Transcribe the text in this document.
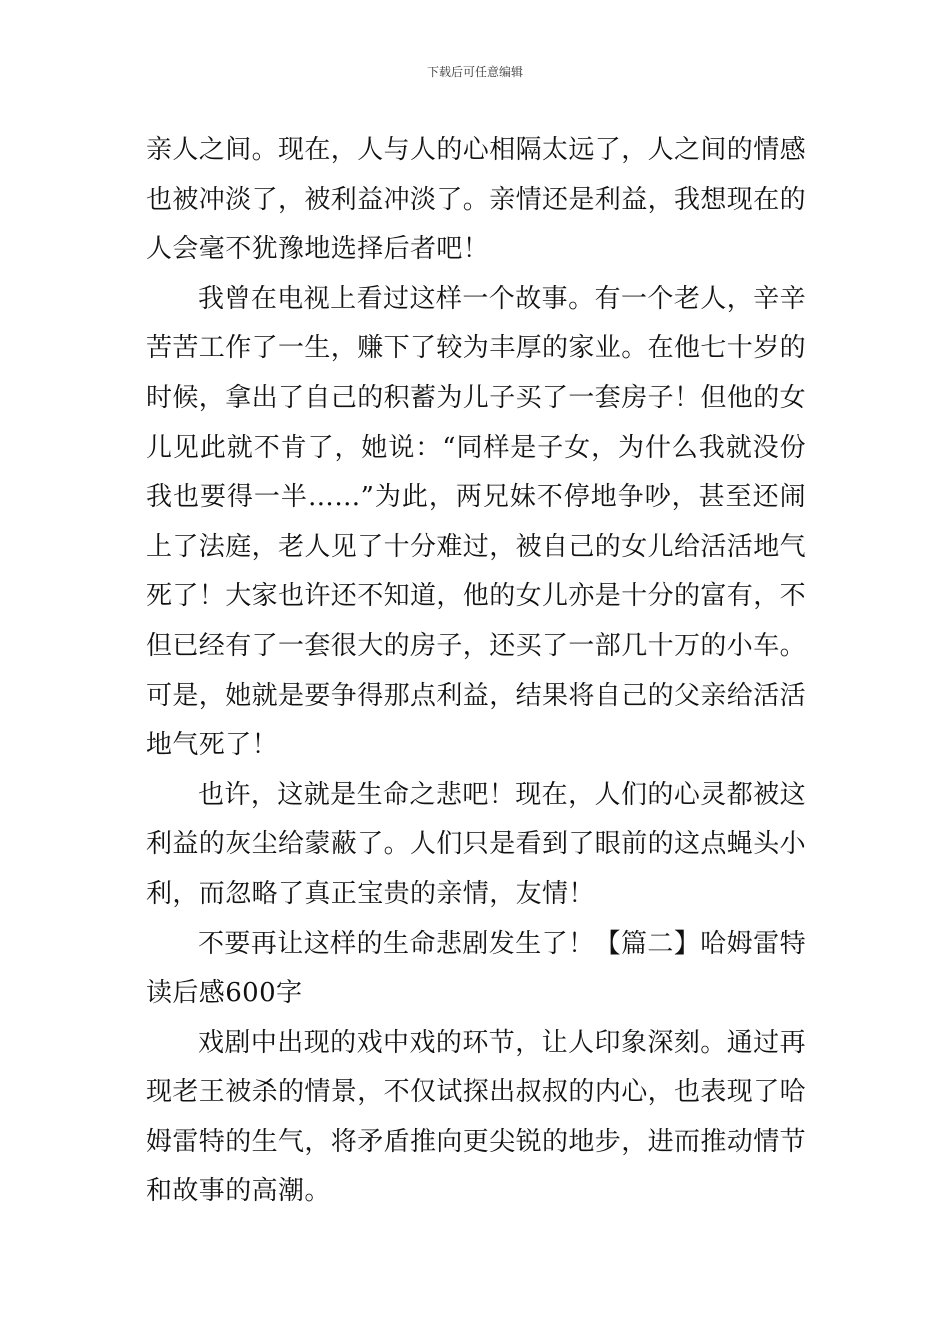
下载后可任意编辑
亲人之间。现在，人与人的心相隔太远了，人之间的情感
也被冲淡了，被利益冲淡了。亲情还是利益，我想现在的
人会毫不犹豫地选择后者吧！
我曾在电视上看过这样一个故事。有一个老人，辛辛
苦苦工作了一生，赚下了较为丰厚的家业。在他七十岁的
时候，拿出了自己的积蓄为儿子买了一套房子！但他的女
儿见此就不肯了，她说：“同样是子女，为什么我就没份
我也要得一半……”为此，两兄妹不停地争吵，甚至还闹
上了法庭，老人见了十分难过，被自己的女儿给活活地气
死了！大家也许还不知道，他的女儿亦是十分的富有，不
但已经有了一套很大的房子，还买了一部几十万的小车。
可是，她就是要争得那点利益，结果将自己的父亲给活活
地气死了！
也许，这就是生命之悲吧！现在，人们的心灵都被这
利益的灰尘给蒙蔽了。人们只是看到了眼前的这点蝇头小
利，而忽略了真正宝贵的亲情，友情！
不要再让这样的生命悲剧发生了！【篇二】哈姆雷特
读后感600字
戏剧中出现的戏中戏的环节，让人印象深刻。通过再
现老王被杀的情景，不仅试探出叔叔的内心，也表现了哈
姆雷特的生气，将矛盾推向更尖锐的地步，进而推动情节
和故事的高潮。
